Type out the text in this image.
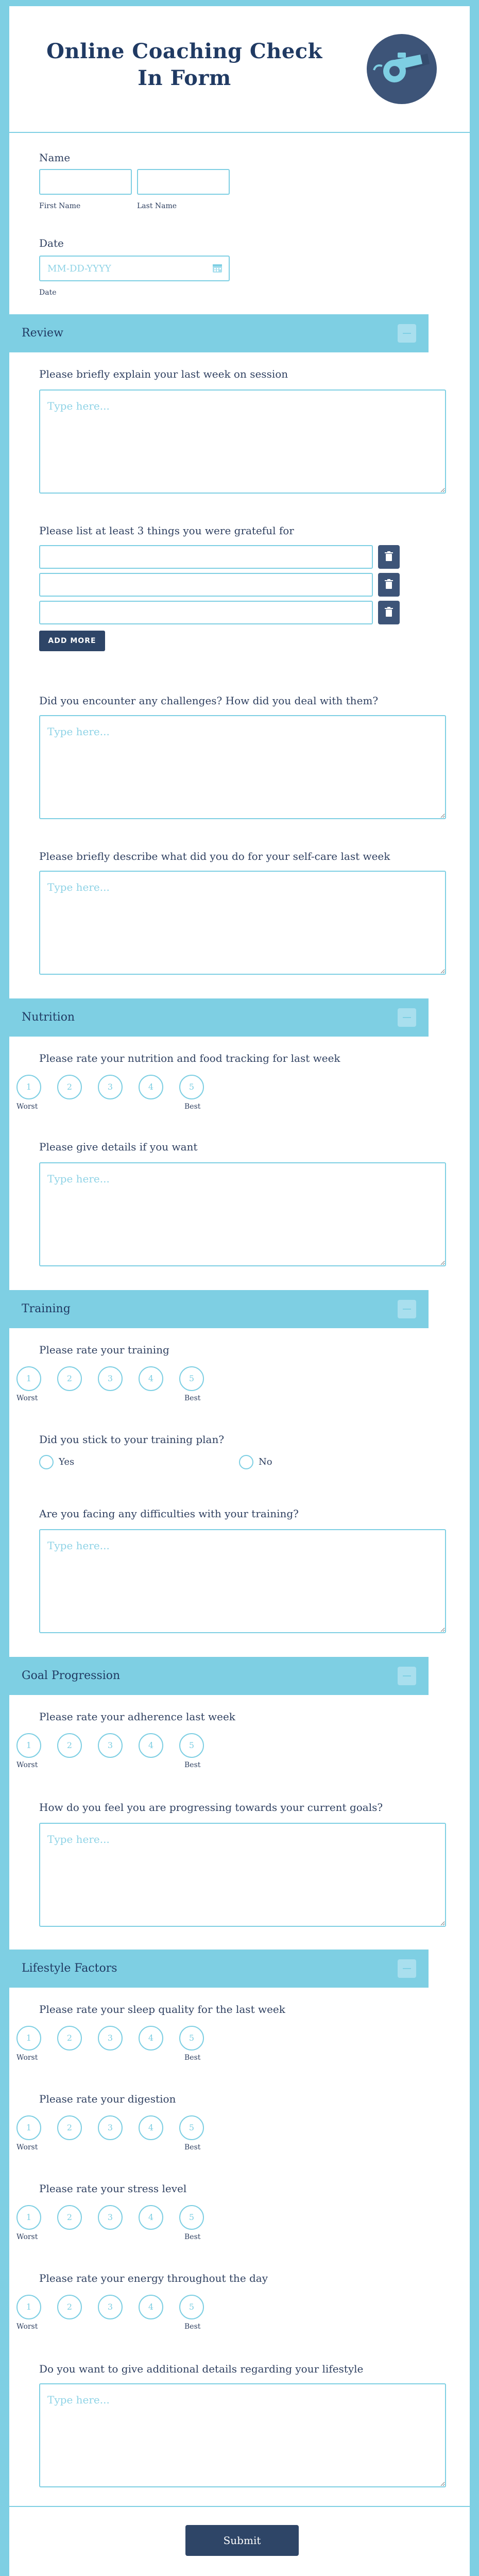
Online Coaching Check In Form
Name
First Name	Last Name
Date
MM-DD-YYYY
Date
Review
Please briefly explain your last week on session
Type here...
Please list at least 3 things you were grateful for
ADD MORE
Did you encounter any challenges? How did you deal with them?
Type here...
Please briefly describe what did you do for your self-care last week
Type here...
Nutrition
Please rate your nutrition and food tracking for last week
1	2	3	4	5
Worst	Best
Please give details if you want
Type here...
Training
Please rate your training
1	2	3	4	5
Worst	Best
Did you stick to your training plan?
Yes	No
Are you facing any difficulties with your training?
Type here...
Goal Progression
Please rate your adherence last week
1	2	3	4	5
Worst	Best
How do you feel you are progressing towards your current goals?
Type here...
Lifestyle Factors
Please rate your sleep quality for the last week
1	2	3	4	5
Worst	Best
Please rate your digestion
1	2	3	4	5
Worst	Best
Please rate your stress level
1	2	3	4	5
Worst	Best
Please rate your energy throughout the day
1	2	3	4	5
Worst	Best
Do you want to give additional details regarding your lifestyle
Type here...
Submit
